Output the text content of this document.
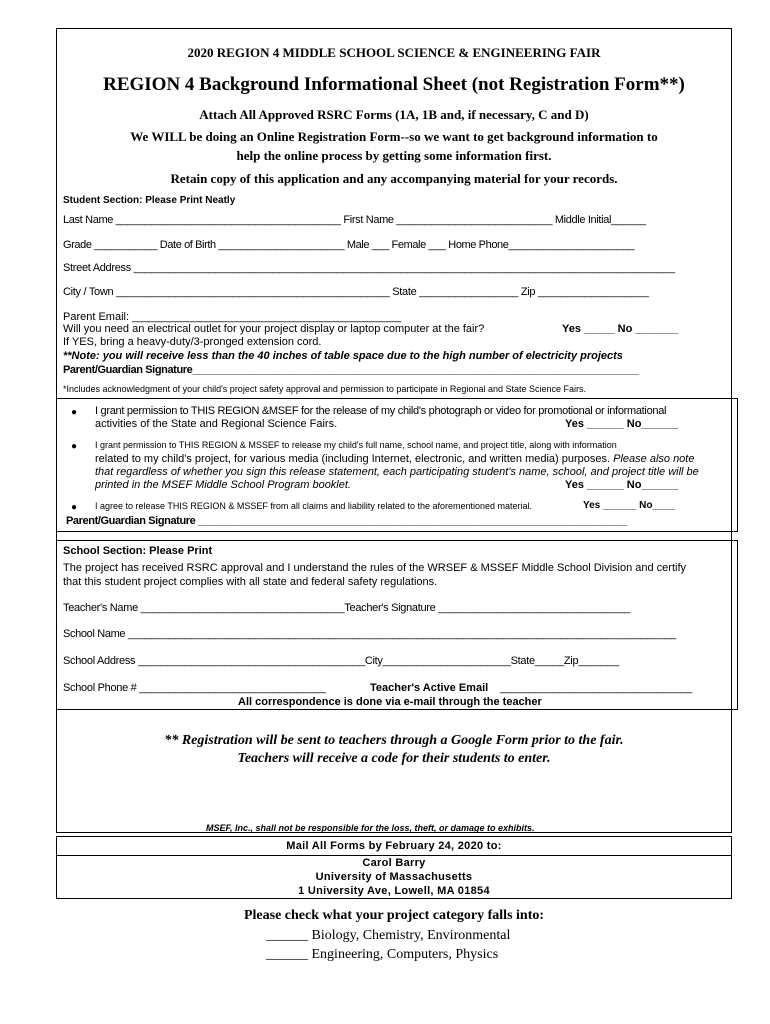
2020 REGION 4 MIDDLE SCHOOL SCIENCE & ENGINEERING FAIR
REGION 4 Background Informational Sheet (not Registration Form**)
Attach All Approved RSRC Forms (1A, 1B and, if necessary, C and D)
We WILL be doing an Online Registration Form--so we want to get background information to
help the online process by getting some information first.
Retain copy of this application and any accompanying material for your records.
Student Section: Please Print Neatly
Last Name _______________________________________ First Name ___________________________ Middle Initial______
Grade ___________ Date of Birth ______________________ Male ___ Female ___ Home Phone______________________
Street Address _____________________________________________________________________________________________
City / Town _______________________________________________ State _________________ Zip ___________________
Parent Email: ____________________________________________
Will you need an electrical outlet for your project display or laptop computer at the fair?	Yes _____ No _______
If YES, bring a heavy-duty/3-pronged extension cord.
**Note: you will receive less than the 40 inches of table space due to the high number of electricity projects
Parent/Guardian Signature______________________________________________________________________________
*Includes acknowledgment of your child's project safety approval and permission to participate in Regional and State Science Fairs.
● I grant permission to THIS REGION &MSEF for the release of my child's photograph or video for promotional or informational
activities of the State and Regional Science Fairs.	Yes ______ No______
● I grant permission to THIS REGION & MSSEF to release my child's full name, school name, and project title, along with information
related to my child's project, for various media (including Internet, electronic, and written media) purposes. Please also note
that regardless of whether you sign this release statement, each participating student's name, school, and project title will be
printed in the MSEF Middle School Program booklet.	Yes ______ No______
● I agree to release THIS REGION & MSSEF from all claims and liability related to the aforementioned material.	Yes ______ No____
Parent/Guardian Signature ___________________________________________________________________________
School Section: Please Print
The project has received RSRC approval and I understand the rules of the WRSEF & MSSEF Middle School Division and certify
that this student project complies with all state and federal safety regulations.
Teacher's Name ___________________________________Teacher's Signature _________________________________
School Name _______________________________________________________________________________________________
School Address _______________________________________City______________________State_____Zip_______
School Phone # ________________________________	Teacher's Active Email _________________________________
All correspondence is done via e-mail through the teacher
** Registration will be sent to teachers through a Google Form prior to the fair.
Teachers will receive a code for their students to enter.
MSEF, Inc., shall not be responsible for the loss, theft, or damage to exhibits.
Mail All Forms by February 24, 2020 to:
Carol Barry
University of Massachusetts
1 University Ave, Lowell, MA 01854
Please check what your project category falls into:
______ Biology, Chemistry, Environmental
______ Engineering, Computers, Physics
